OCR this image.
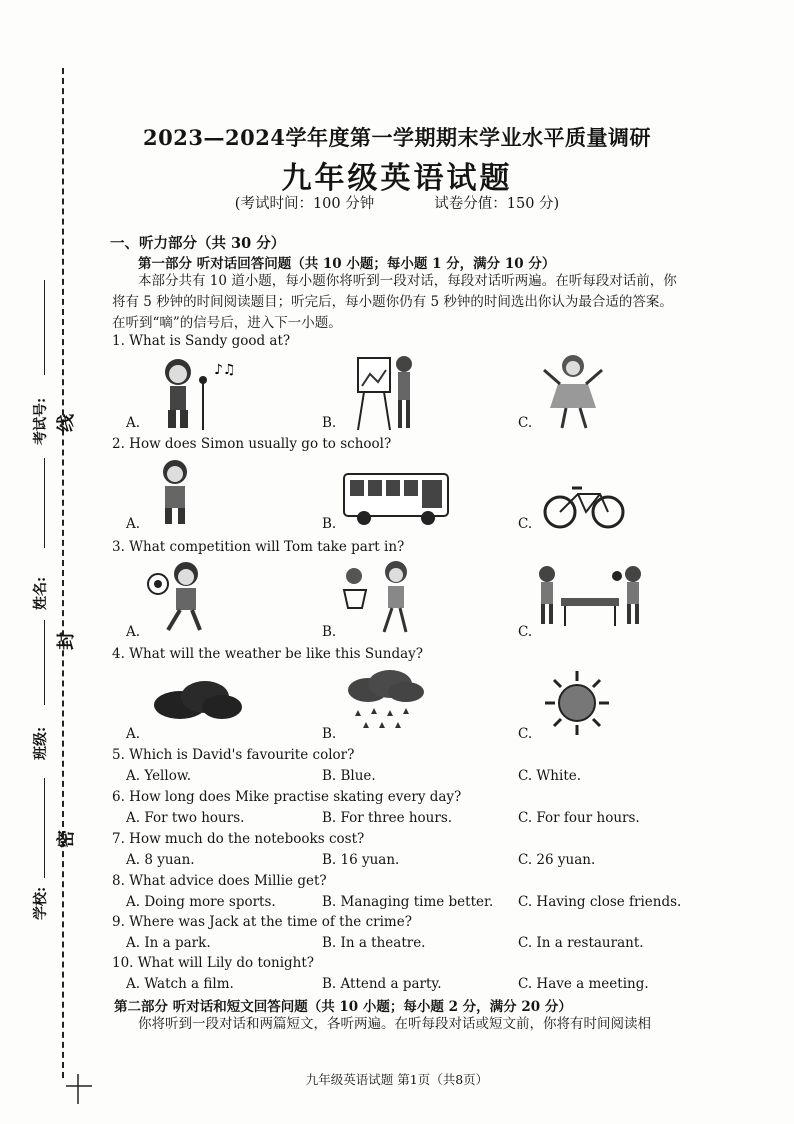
考试号:
姓名:
班级:
学校:
线
封
密
2023—2024学年度第一学期期末学业水平质量调研
九年级英语试题
(考试时间：100 分钟	试卷分值：150 分)
一、听力部分（共 30 分）
第一部分 听对话回答问题（共 10 小题；每小题 1 分，满分 10 分）
本部分共有 10 道小题，每小题你将听到一段对话，每段对话听两遍。在听每段对话前，你将有 5 秒钟的时间阅读题目；听完后，每小题你仍有 5 秒钟的时间选出你认为最合适的答案。在听到“嘀”的信号后，进入下一小题。
1. What is Sandy good at?
♪♫
A.	B.	C.
2. How does Simon usually go to school?
A.	B.	C.
3. What competition will Tom take part in?
A.	B.	C.
4. What will the weather be like this Sunday?
A.	B.	C.
5. Which is David's favourite color?
A. Yellow.	B. Blue.	C. White.
6. How long does Mike practise skating every day?
A. For two hours.	B. For three hours.	C. For four hours.
7. How much do the notebooks cost?
A. 8 yuan.	B. 16 yuan.	C. 26 yuan.
8. What advice does Millie get?
A. Doing more sports.	B. Managing time better. C. Having close friends.
9. Where was Jack at the time of the crime?
A. In a park.	B. In a theatre.	C. In a restaurant.
10. What will Lily do tonight?
A. Watch a film.	B. Attend a party.	C. Have a meeting.
第二部分 听对话和短文回答问题（共 10 小题；每小题 2 分，满分 20 分）
你将听到一段对话和两篇短文，各听两遍。在听每段对话或短文前，你将有时间阅读相
九年级英语试题 第1页（共8页）
